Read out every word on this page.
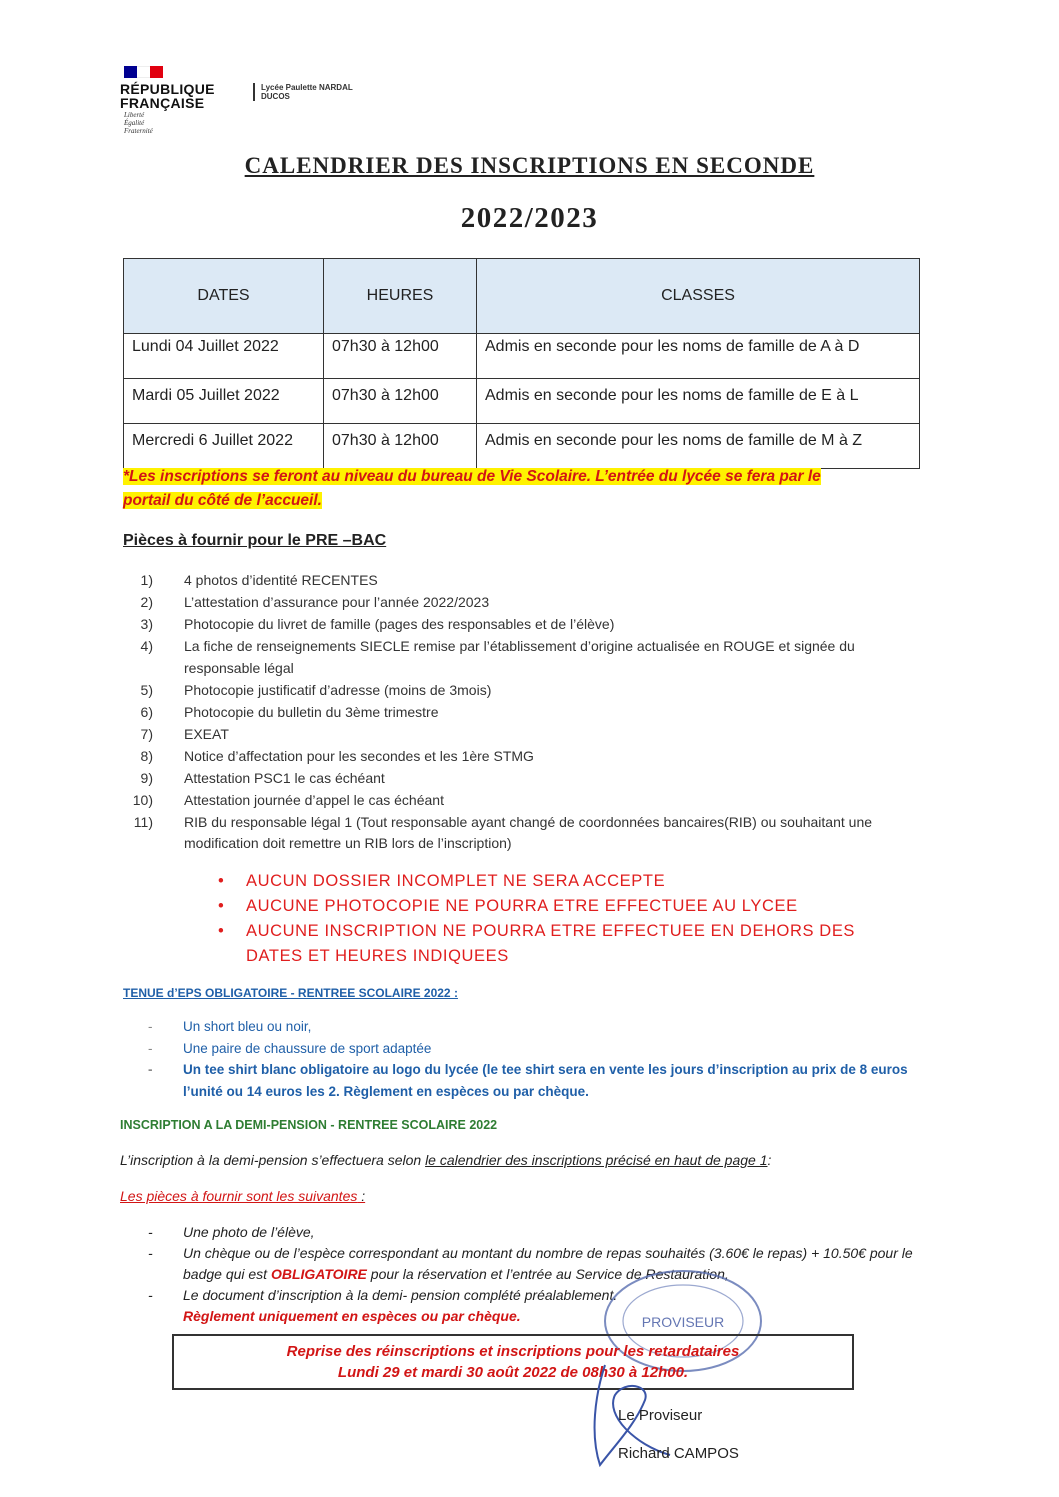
RÉPUBLIQUE
FRANÇAISE
Liberté
Égalité
Fraternité
Lycée Paulette NARDAL
DUCOS
CALENDRIER DES INSCRIPTIONS EN SECONDE
2022/2023
DATES	HEURES	CLASSES
Lundi 04 Juillet 2022	07h30 à 12h00	Admis en seconde pour les noms de famille de A à D
Mardi 05 Juillet 2022	07h30 à 12h00	Admis en seconde pour les noms de famille de E à L
Mercredi 6 Juillet 2022	07h30 à 12h00	Admis en seconde pour les noms de famille de M à Z
*Les inscriptions se feront au niveau du bureau de Vie Scolaire. L’entrée du lycée se fera par le
portail du côté de l’accueil.
Pièces à fournir pour le PRE –BAC
1) 4 photos d’identité RECENTES
2) L’attestation d’assurance pour l’année 2022/2023
3) Photocopie du livret de famille (pages des responsables et de l’élève)
4) La fiche de renseignements SIECLE remise par l’établissement d’origine actualisée en ROUGE et signée du responsable légal
5) Photocopie justificatif d’adresse (moins de 3mois)
6) Photocopie du bulletin du 3ème trimestre
7) EXEAT
8) Notice d’affectation pour les secondes et les 1ère STMG
9) Attestation PSC1 le cas échéant
10) Attestation journée d’appel le cas échéant
11) RIB du responsable légal 1 (Tout responsable ayant changé de coordonnées bancaires(RIB) ou souhaitant une modification doit remettre un RIB lors de l’inscription)
• AUCUN DOSSIER INCOMPLET NE SERA ACCEPTE
• AUCUNE PHOTOCOPIE NE POURRA ETRE EFFECTUEE AU LYCEE
• AUCUNE INSCRIPTION NE POURRA ETRE EFFECTUEE EN DEHORS DES DATES ET HEURES INDIQUEES
TENUE d’EPS OBLIGATOIRE - RENTREE SCOLAIRE 2022 :
- Un short bleu ou noir,
- Une paire de chaussure de sport adaptée
- Un tee shirt blanc obligatoire au logo du lycée (le tee shirt sera en vente les jours d’inscription au prix de 8 euros l’unité ou 14 euros les 2. Règlement en espèces ou par chèque.
INSCRIPTION A LA DEMI-PENSION - RENTREE SCOLAIRE 2022
L’inscription à la demi-pension s’effectuera selon le calendrier des inscriptions précisé en haut de page 1:
Les pièces à fournir sont les suivantes :
- Une photo de l’élève,
- Un chèque ou de l’espèce correspondant au montant du nombre de repas souhaités (3.60€ le repas) + 10.50€ pour le badge qui est OBLIGATOIRE pour la réservation et l’entrée au Service de Restauration,
- Le document d’inscription à la demi- pension complété préalablement.
Règlement uniquement en espèces ou par chèque.	PROVISEUR
Reprise des réinscriptions et inscriptions pour les retardataires
Lundi 29 et mardi 30 août 2022 de 08h30 à 12h00.
Le Proviseur
Richard CAMPOS
